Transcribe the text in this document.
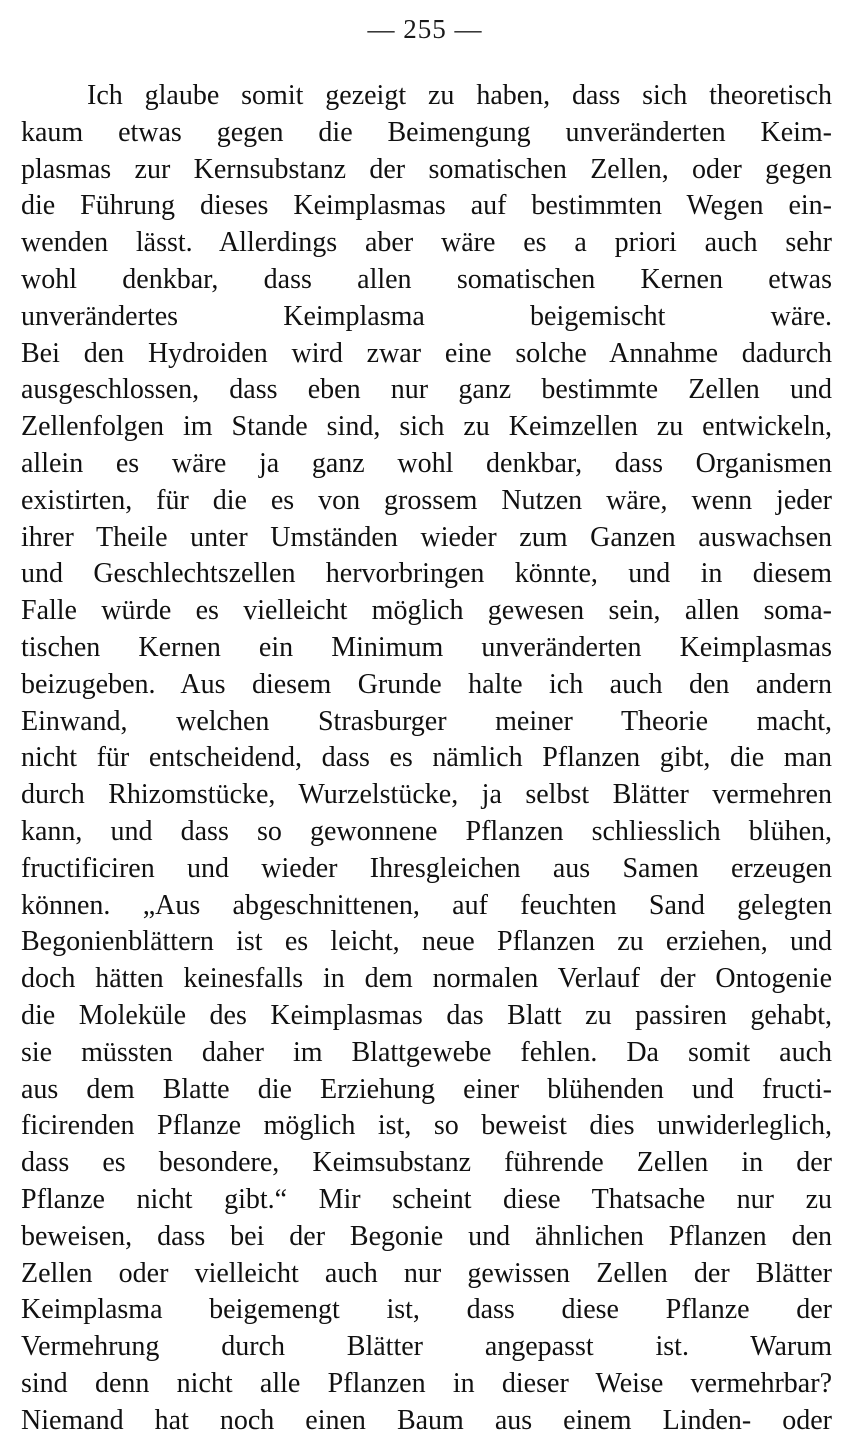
— 255 —
Ich glaube somit gezeigt zu haben, dass sich theoretisch
kaum etwas gegen die Beimengung unveränderten Keim-
plasmas zur Kernsubstanz der somatischen Zellen, oder gegen
die Führung dieses Keimplasmas auf bestimmten Wegen ein-
wenden lässt. Allerdings aber wäre es a priori auch sehr
wohl denkbar, dass allen somatischen Kernen etwas
unverändertes Keimplasma beigemischt wäre.
Bei den Hydroiden wird zwar eine solche Annahme dadurch
ausgeschlossen, dass eben nur ganz bestimmte Zellen und
Zellenfolgen im Stande sind, sich zu Keimzellen zu entwickeln,
allein es wäre ja ganz wohl denkbar, dass Organismen
existirten, für die es von grossem Nutzen wäre, wenn jeder
ihrer Theile unter Umständen wieder zum Ganzen auswachsen
und Geschlechtszellen hervorbringen könnte, und in diesem
Falle würde es vielleicht möglich gewesen sein, allen soma-
tischen Kernen ein Minimum unveränderten Keimplasmas
beizugeben. Aus diesem Grunde halte ich auch den andern
Einwand, welchen Strasburger meiner Theorie macht,
nicht für entscheidend, dass es nämlich Pflanzen gibt, die man
durch Rhizomstücke, Wurzelstücke, ja selbst Blätter vermehren
kann, und dass so gewonnene Pflanzen schliesslich blühen,
fructificiren und wieder Ihresgleichen aus Samen erzeugen
können. „Aus abgeschnittenen, auf feuchten Sand gelegten
Begonienblättern ist es leicht, neue Pflanzen zu erziehen, und
doch hätten keinesfalls in dem normalen Verlauf der Ontogenie
die Moleküle des Keimplasmas das Blatt zu passiren gehabt,
sie müssten daher im Blattgewebe fehlen. Da somit auch
aus dem Blatte die Erziehung einer blühenden und fructi-
ficirenden Pflanze möglich ist, so beweist dies unwiderleglich,
dass es besondere, Keimsubstanz führende Zellen in der
Pflanze nicht gibt.“ Mir scheint diese Thatsache nur zu
beweisen, dass bei der Begonie und ähnlichen Pflanzen den
Zellen oder vielleicht auch nur gewissen Zellen der Blätter
Keimplasma beigemengt ist, dass diese Pflanze der
Vermehrung durch Blätter angepasst ist. Warum
sind denn nicht alle Pflanzen in dieser Weise vermehrbar?
Niemand hat noch einen Baum aus einem Linden- oder
